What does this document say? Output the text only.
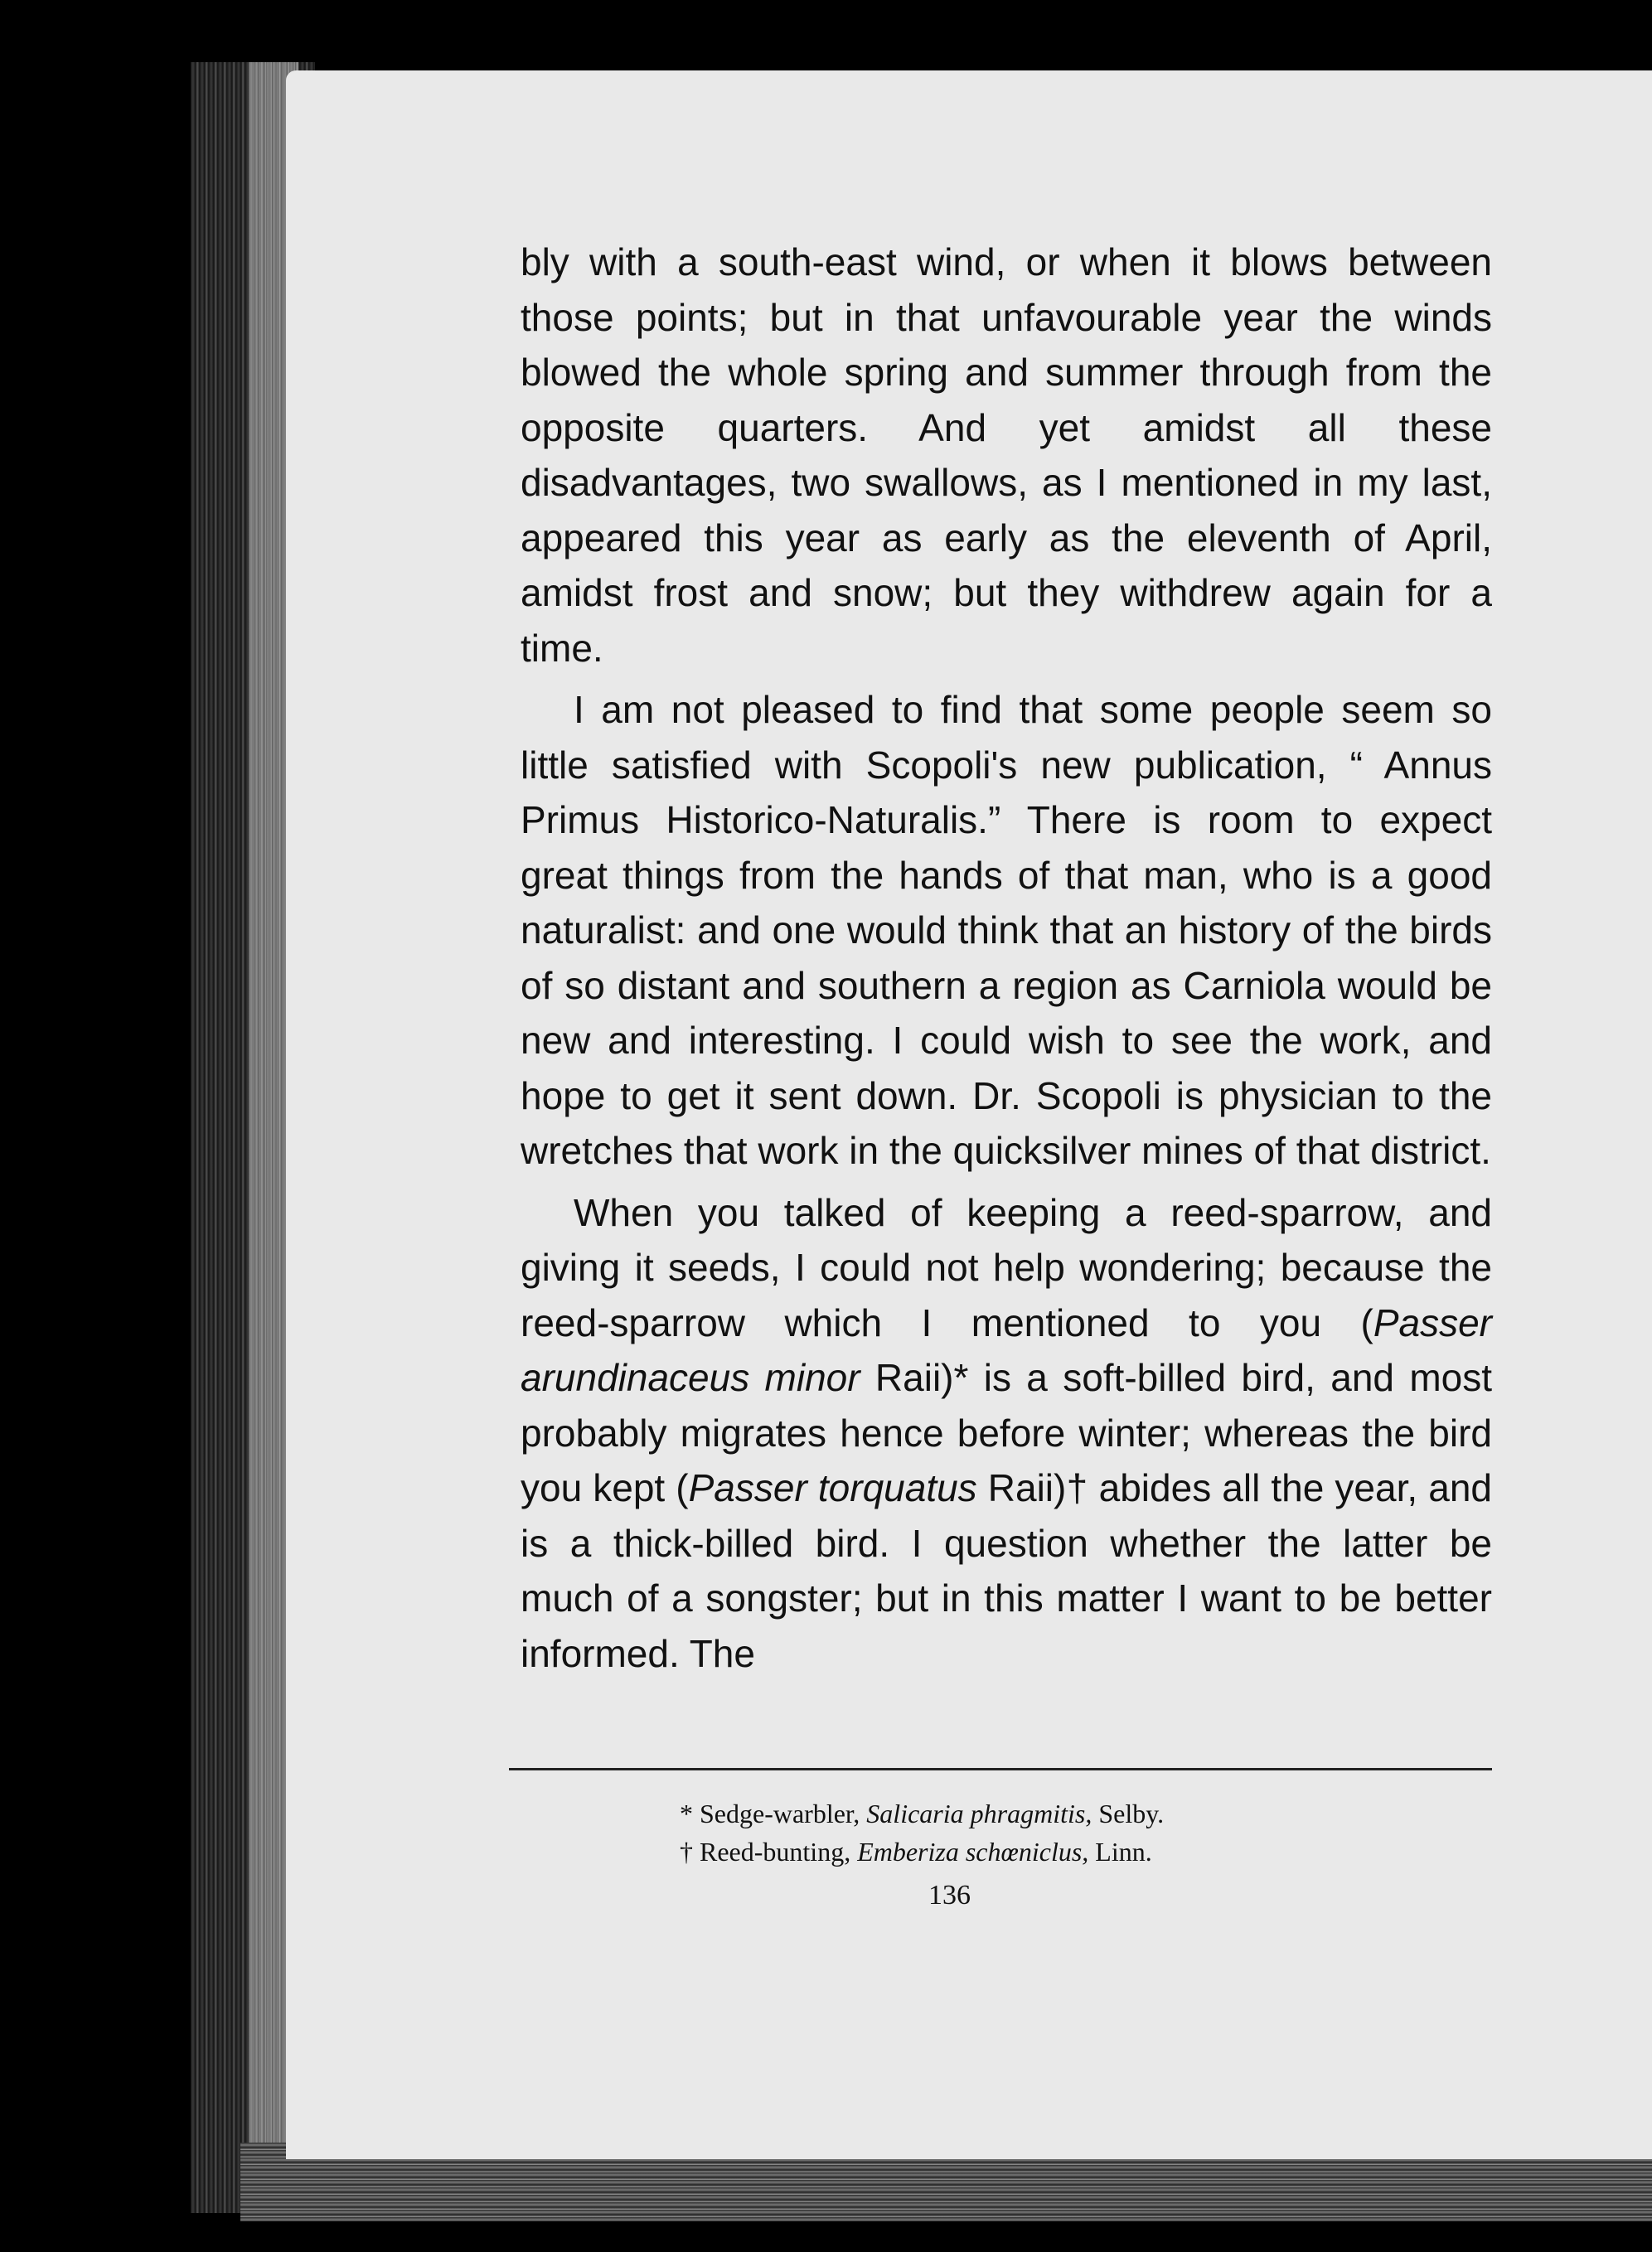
bly with a south-east wind, or when it blows between those points; but in that unfavourable year the winds blowed the whole spring and summer through from the opposite quarters. And yet amidst all these disadvantages, two swallows, as I mentioned in my last, appeared this year as early as the eleventh of April, amidst frost and snow; but they withdrew again for a time.

I am not pleased to find that some people seem so little satisfied with Scopoli's new publication, “ Annus Primus Historico-Naturalis.” There is room to expect great things from the hands of that man, who is a good naturalist: and one would think that an history of the birds of so distant and southern a region as Carniola would be new and interesting. I could wish to see the work, and hope to get it sent down. Dr. Scopoli is physician to the wretches that work in the quicksilver mines of that district.

When you talked of keeping a reed-sparrow, and giving it seeds, I could not help wondering; because the reed-sparrow which I mentioned to you (Passer arundinaceus minor Raii)* is a soft-billed bird, and most probably migrates hence before winter; whereas the bird you kept (Passer torquatus Raii)† abides all the year, and is a thick-billed bird. I question whether the latter be much of a songster; but in this matter I want to be better informed. The

* Sedge-warbler, Salicaria phragmitis, Selby.
† Reed-bunting, Emberiza schœniclus, Linn.
136
